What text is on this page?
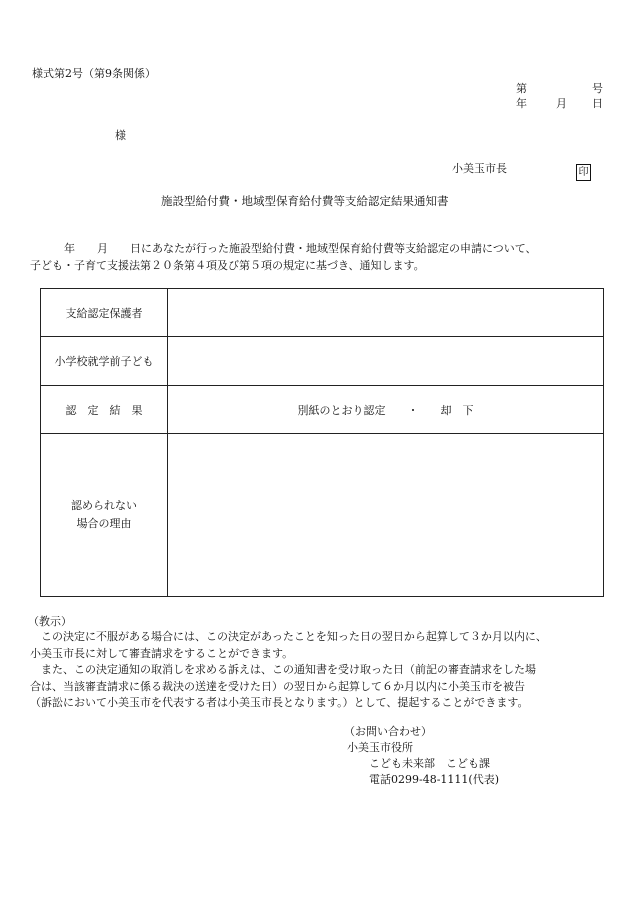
様式第2号（第9条関係）
第	号
年	月 日
様
小美玉市長	印
施設型給付費・地域型保育給付費等支給認定結果通知書
年　　月　　日にあなたが行った施設型給付費・地域型保育給付費等支給認定の申請について、
子ども・子育て支援法第２０条第４項及び第５項の規定に基づき、通知します。
支給認定保護者	
小学校就学前子ども	
認　定　結　果	別紙のとおり認定　　・　　却　下

認められない
場合の理由	

（教示）
　この決定に不服がある場合には、この決定があったことを知った日の翌日から起算して３か月以内に、
小美玉市長に対して審査請求をすることができます。
　また、この決定通知の取消しを求める訴えは、この通知書を受け取った日（前記の審査請求をした場
合は、当該審査請求に係る裁決の送達を受けた日）の翌日から起算して６か月以内に小美玉市を被告
（訴訟において小美玉市を代表する者は小美玉市長となります。）として、提起することができます。
（お問い合わせ）
小美玉市役所
こども未来部　こども課
電話0299-48-1111(代表)
